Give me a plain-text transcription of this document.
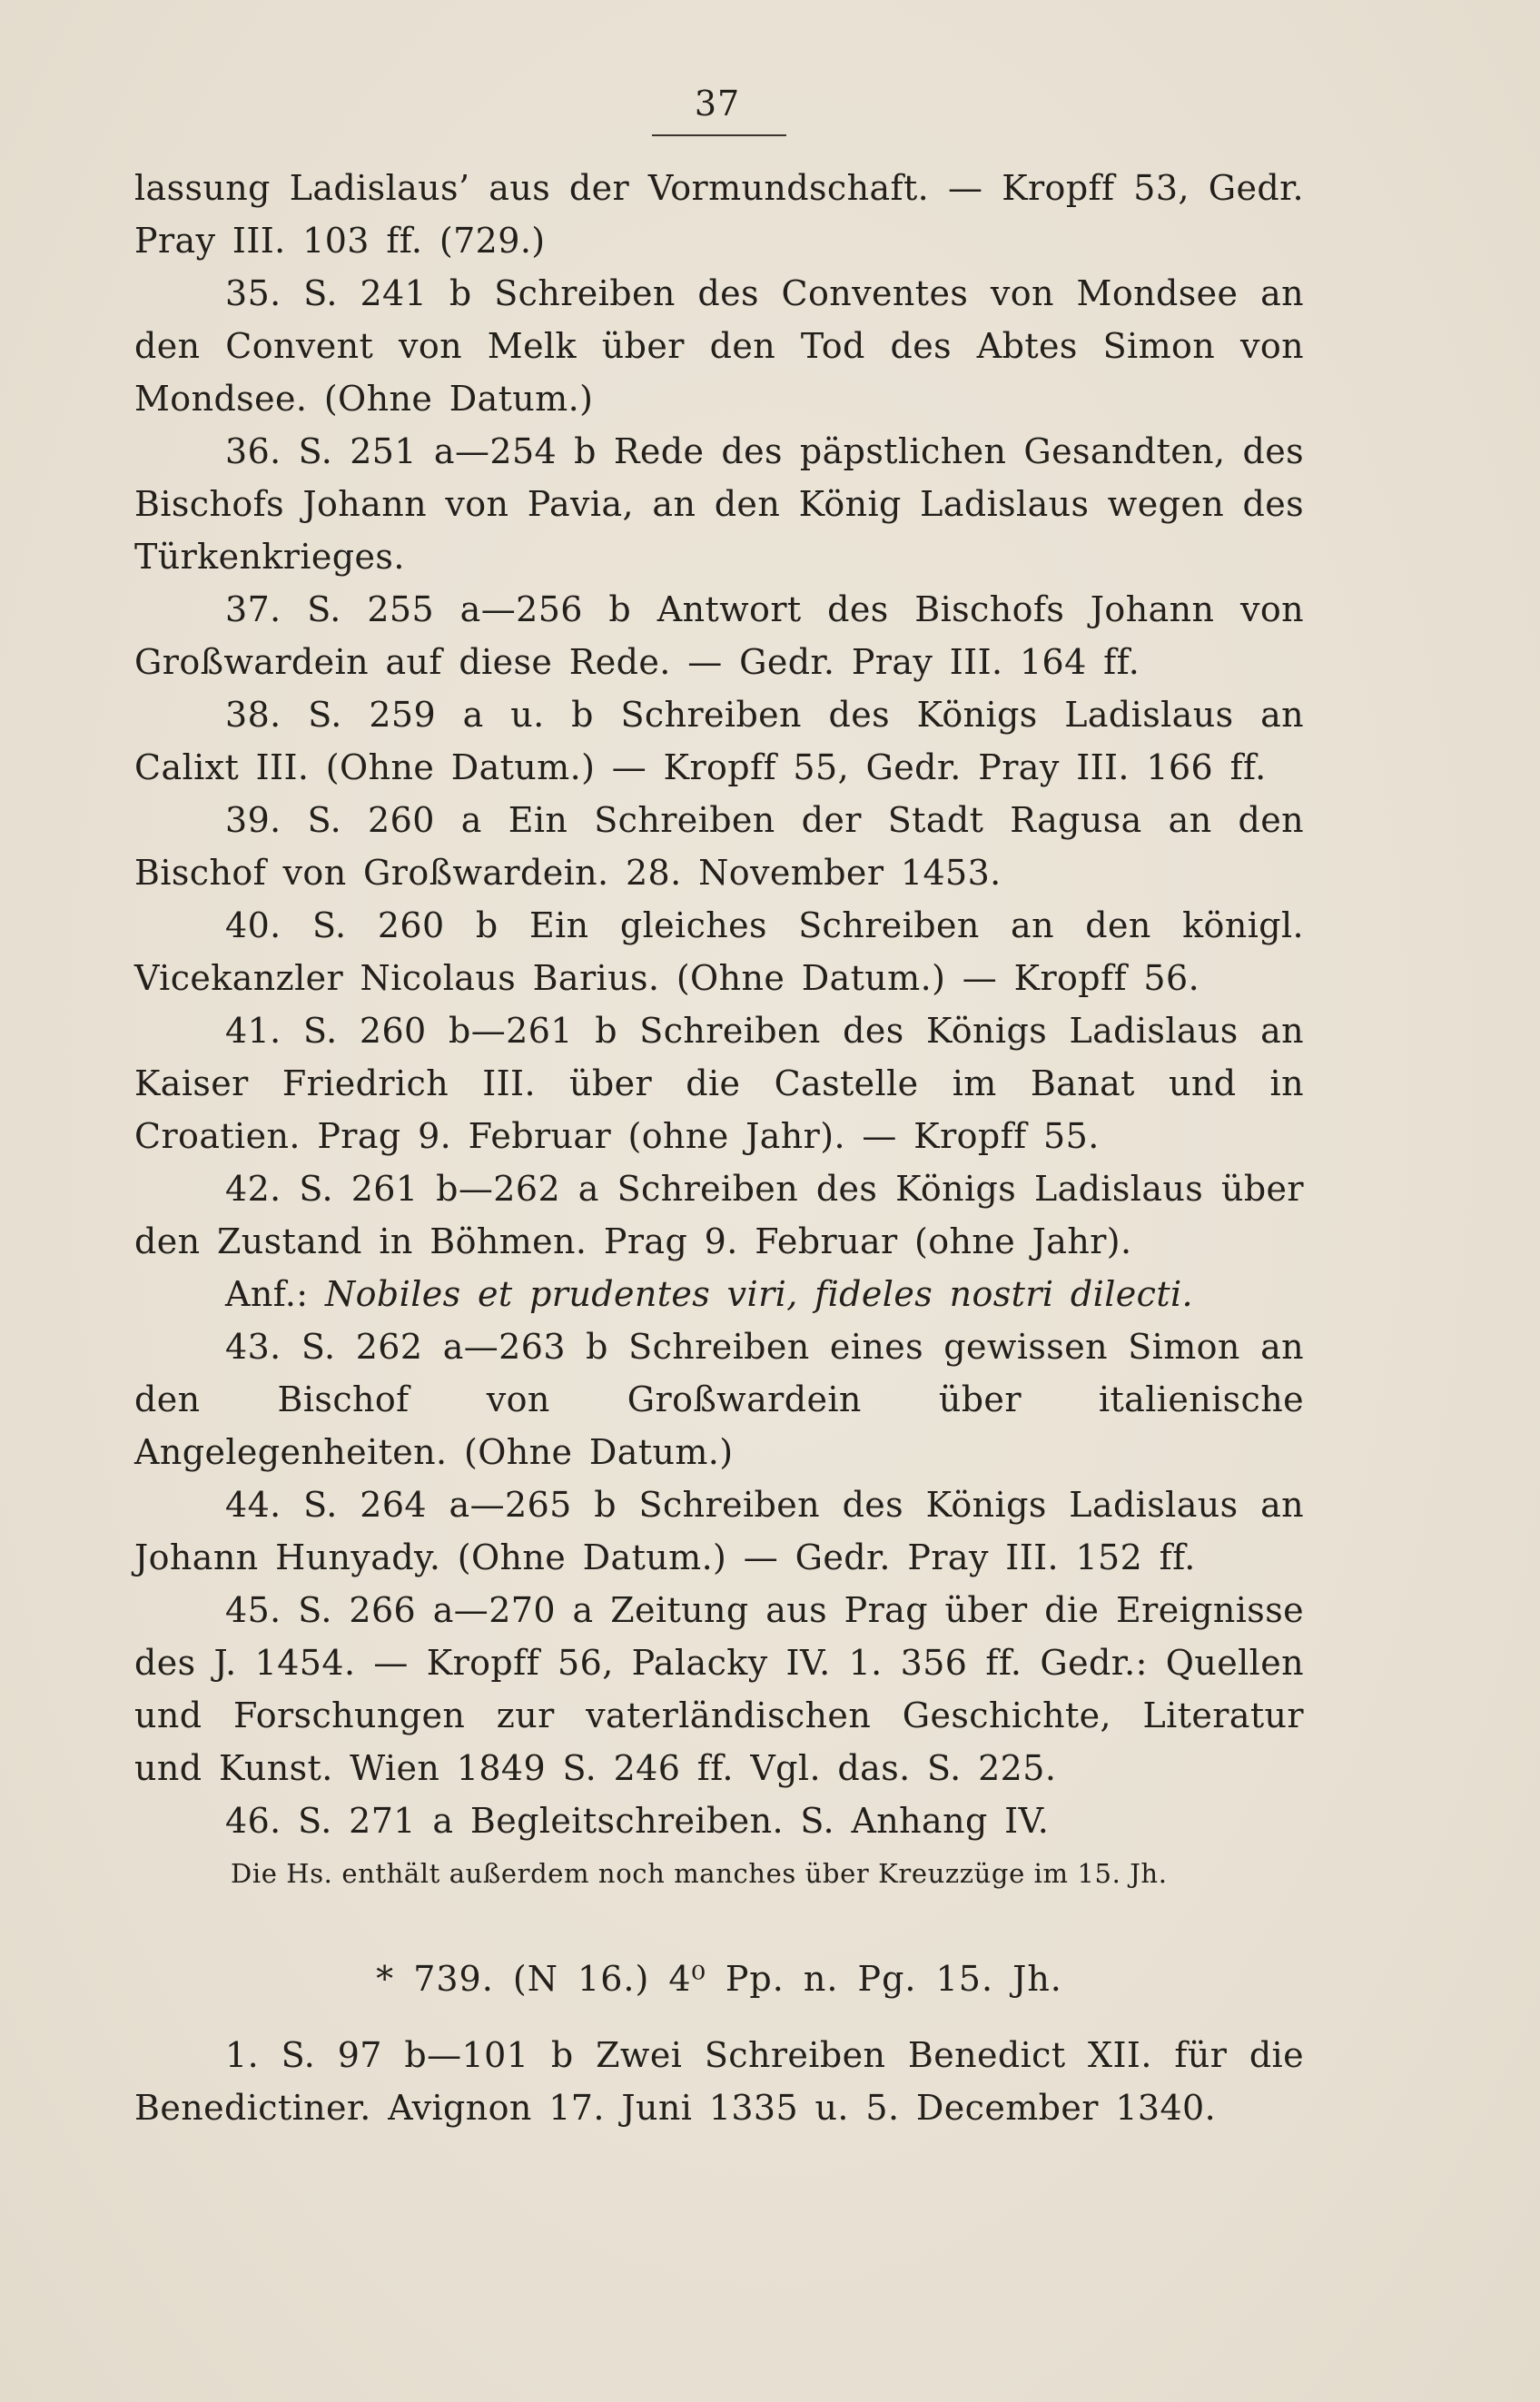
37

lassung Ladislaus’ aus der Vormundschaft. — Kropff 53, Gedr. Pray III. 103 ff. (729.)

35. S. 241 b Schreiben des Conventes von Mondsee an den Convent von Melk über den Tod des Abtes Simon von Mondsee. (Ohne Datum.)

36. S. 251 a—254 b Rede des päpstlichen Gesandten, des Bischofs Johann von Pavia, an den König Ladislaus wegen des Türkenkrieges.

37. S. 255 a—256 b Antwort des Bischofs Johann von Großwardein auf diese Rede. — Gedr. Pray III. 164 ff.

38. S. 259 a u. b Schreiben des Königs Ladislaus an Calixt III. (Ohne Datum.) — Kropff 55, Gedr. Pray III. 166 ff.

39. S. 260 a Ein Schreiben der Stadt Ragusa an den Bischof von Großwardein. 28. November 1453.

40. S. 260 b Ein gleiches Schreiben an den königl. Vicekanzler Nicolaus Barius. (Ohne Datum.) — Kropff 56.

41. S. 260 b—261 b Schreiben des Königs Ladislaus an Kaiser Friedrich III. über die Castelle im Banat und in Croatien. Prag 9. Februar (ohne Jahr). — Kropff 55.

42. S. 261 b—262 a Schreiben des Königs Ladislaus über den Zustand in Böhmen. Prag 9. Februar (ohne Jahr).

Anf.: Nobiles et prudentes viri, fideles nostri dilecti.

43. S. 262 a—263 b Schreiben eines gewissen Simon an den Bischof von Großwardein über italienische Angelegenheiten. (Ohne Datum.)

44. S. 264 a—265 b Schreiben des Königs Ladislaus an Johann Hunyady. (Ohne Datum.) — Gedr. Pray III. 152 ff.

45. S. 266 a—270 a Zeitung aus Prag über die Ereignisse des J. 1454. — Kropff 56, Palacky IV. 1. 356 ff. Gedr.: Quellen und Forschungen zur vaterländischen Geschichte, Literatur und Kunst. Wien 1849 S. 246 ff. Vgl. das. S. 225.

46. S. 271 a Begleitschreiben. S. Anhang IV.

Die Hs. enthält außerdem noch manches über Kreuzzüge im 15. Jh.

* 739. (N 16.) 4⁰ Pp. n. Pg. 15. Jh.

1. S. 97 b—101 b Zwei Schreiben Benedict XII. für die Benedictiner. Avignon 17. Juni 1335 u. 5. December 1340.
